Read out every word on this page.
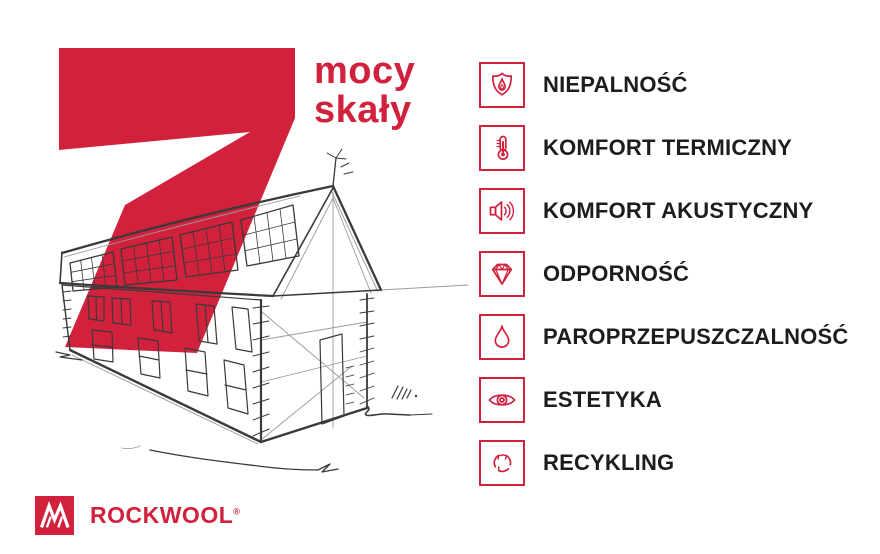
mocy
skały
NIEPALNOŚĆ
KOMFORT TERMICZNY
KOMFORT AKUSTYCZNY
ODPORNOŚĆ
PAROPRZEPUSZCZALNOŚĆ
ESTETYKA
RECYKLING
ROCKWOOL®
